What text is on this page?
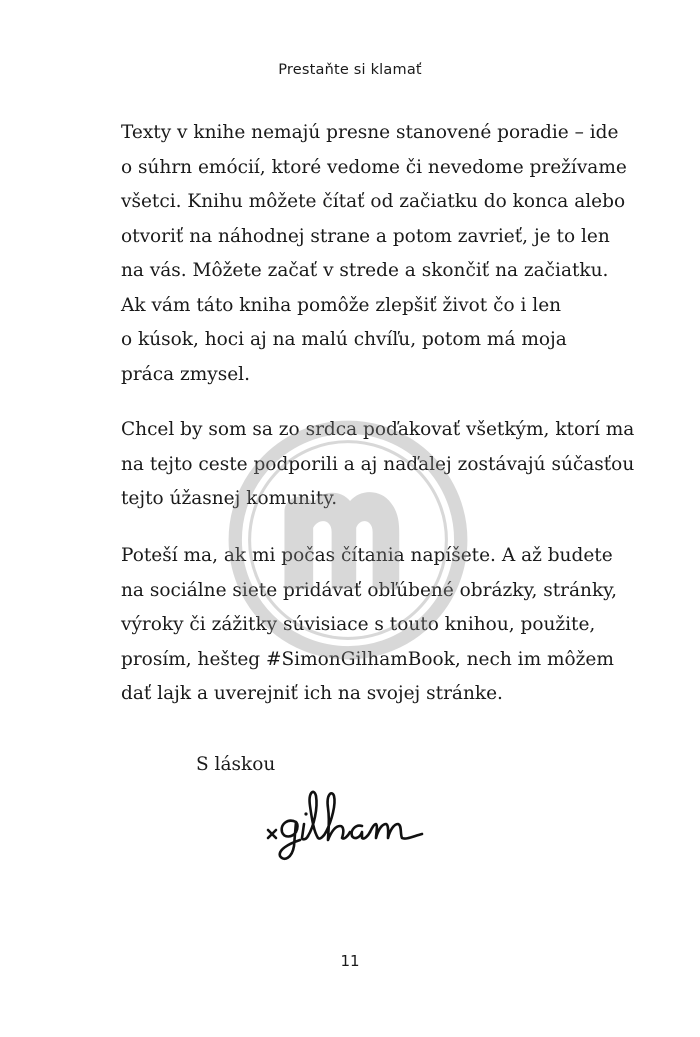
Prestaňte si klamať

Texty v knihe nemajú presne stanovené poradie – ide

o súhrn emócií, ktoré vedome či nevedome prežívame

všetci. Knihu môžete čítať od začiatku do konca alebo

otvoriť na náhodnej strane a potom zavrieť, je to len

na vás. Môžete začať v strede a skončiť na začiatku.

Ak vám táto kniha pomôže zlepšiť život čo i len

o kúsok, hoci aj na malú chvíľu, potom má moja

práca zmysel.

Chcel by som sa zo srdca poďakovať všetkým, ktorí ma

na tejto ceste podporili a aj naďalej zostávajú súčasťou

tejto úžasnej komunity.

Poteší ma, ak mi počas čítania napíšete. A až budete

na sociálne siete pridávať obľúbené obrázky, stránky,

výroky či zážitky súvisiace s touto knihou, použite,

prosím, hešteg #SimonGilhamBook, nech im môžem

dať lajk a uverejniť ich na svojej stránke.

S láskou

11
